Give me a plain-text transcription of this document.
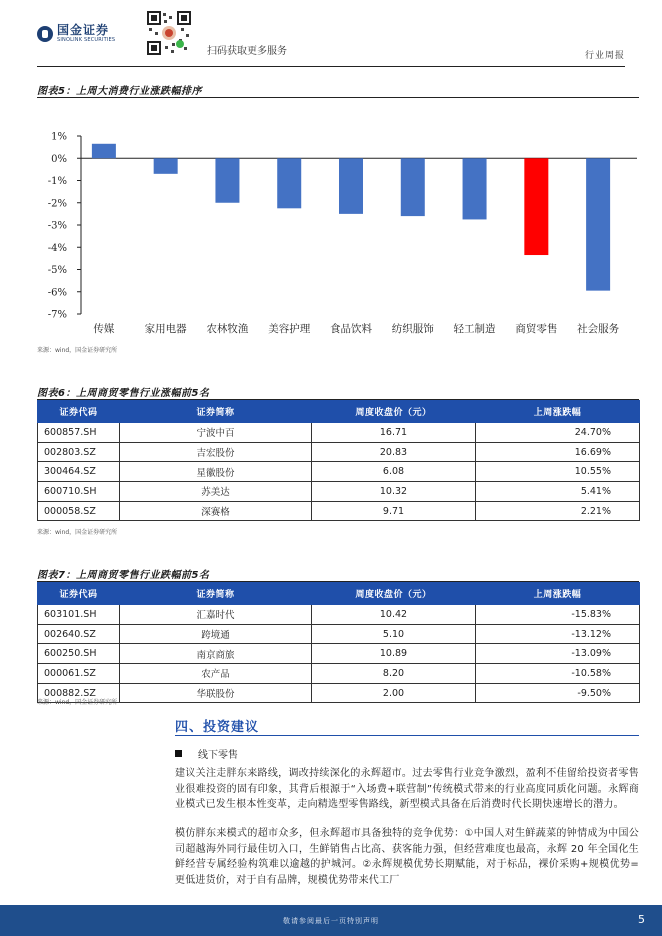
国金证券
SINOLINK SECURITIES
扫码获取更多服务	行业周报
图表5：上周大消费行业涨跌幅排序
1%
0%
-1%
-2%
-3%
-4%
-5%
-6%
-7%
传媒	家用电器 农林牧渔 美容护理 食品饮料 纺织服饰 轻工制造 商贸零售 社会服务
来源：wind，国金证券研究所
图表6：上周商贸零售行业涨幅前5名
证券代码	证券简称	周度收盘价（元）	上周涨跌幅
600857.SH	宁波中百	16.71	24.70%
002803.SZ	吉宏股份	20.83	16.69%
300464.SZ	星徽股份	6.08	10.55%
600710.SH	苏美达	10.32	5.41%
000058.SZ	深赛格	9.71	2.21%
来源：wind，国金证券研究所
图表7：上周商贸零售行业跌幅前5名
证券代码	证券简称	周度收盘价（元）	上周涨跌幅
603101.SH	汇嘉时代	10.42	-15.83%
002640.SZ	跨境通	5.10	-13.12%
600250.SH	南京商旅	10.89	-13.09%
000061.SZ	农产品	8.20	-10.58%
000882.SZ	华联股份	2.00	-9.50%
来源：wind，国金证券研究所
四、投资建议
线下零售

建议关注走胖东来路线，调改持续深化的永辉超市。过去零售行业竞争激烈，盈利不佳留给投资者零售业很难投资的固有印象，其背后根源于“入场费+联营制”传统模式带来的行业高度同质化问题。永辉商业模式已发生根本性变革，走向精选型零售路线，新型模式具备在后消费时代长期快速增长的潜力。

模仿胖东来模式的超市众多，但永辉超市具备独特的竞争优势：①中国人对生鲜蔬菜的钟情成为中国公司超越海外同行最佳切入口，生鲜销售占比高、获客能力强，但经营难度也最高，永辉 20 年全国化生鲜经营专属经验构筑难以逾越的护城河。②永辉规模优势长期赋能，对于标品，裸价采购+规模优势=更低进货价，对于自有品牌，规模优势带来代工厂

敬请参阅最后一页特别声明	5
